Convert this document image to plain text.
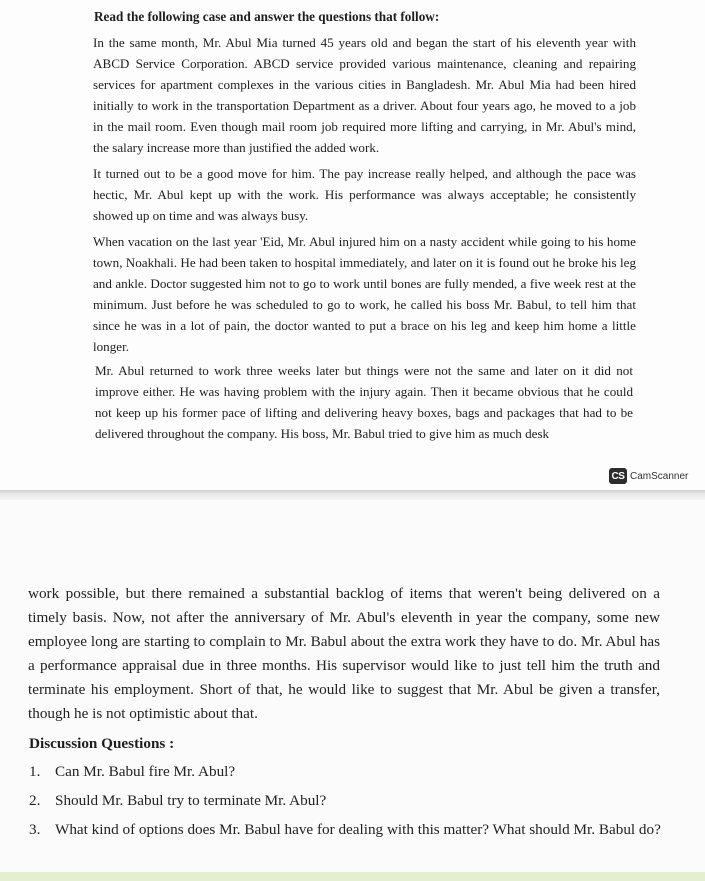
Read the following case and answer the questions that follow:

In the same month, Mr. Abul Mia turned 45 years old and began the start of his eleventh year with ABCD Service Corporation. ABCD service provided various maintenance, cleaning and repairing services for apartment complexes in the various cities in Bangladesh. Mr. Abul Mia had been hired initially to work in the transportation Department as a driver. About four years ago, he moved to a job in the mail room. Even though mail room job required more lifting and carrying, in Mr. Abul's mind, the salary increase more than justified the added work.

It turned out to be a good move for him. The pay increase really helped, and although the pace was hectic, Mr. Abul kept up with the work. His performance was always acceptable; he consistently showed up on time and was always busy.

When vacation on the last year 'Eid, Mr. Abul injured him on a nasty accident while going to his home town, Noakhali. He had been taken to hospital immediately, and later on it is found out he broke his leg and ankle. Doctor suggested him not to go to work until bones are fully mended, a five week rest at the minimum. Just before he was scheduled to go to work, he called his boss Mr. Babul, to tell him that since he was in a lot of pain, the doctor wanted to put a brace on his leg and keep him home a little longer.

Mr. Abul returned to work three weeks later but things were not the same and later on it did not improve either. He was having problem with the injury again. Then it became obvious that he could not keep up his former pace of lifting and delivering heavy boxes, bags and packages that had to be delivered throughout the company. His boss, Mr. Babul tried to give him as much desk

CS CamScanner

work possible, but there remained a substantial backlog of items that weren't being delivered on a timely basis. Now, not after the anniversary of Mr. Abul's eleventh in year the company, some new employee long are starting to complain to Mr. Babul about the extra work they have to do. Mr. Abul has a performance appraisal due in three months. His supervisor would like to just tell him the truth and terminate his employment. Short of that, he would like to suggest that Mr. Abul be given a transfer, though he is not optimistic about that.

Discussion Questions :
1. Can Mr. Babul fire Mr. Abul?
2. Should Mr. Babul try to terminate Mr. Abul?
3. What kind of options does Mr. Babul have for dealing with this matter? What should Mr. Babul do?
